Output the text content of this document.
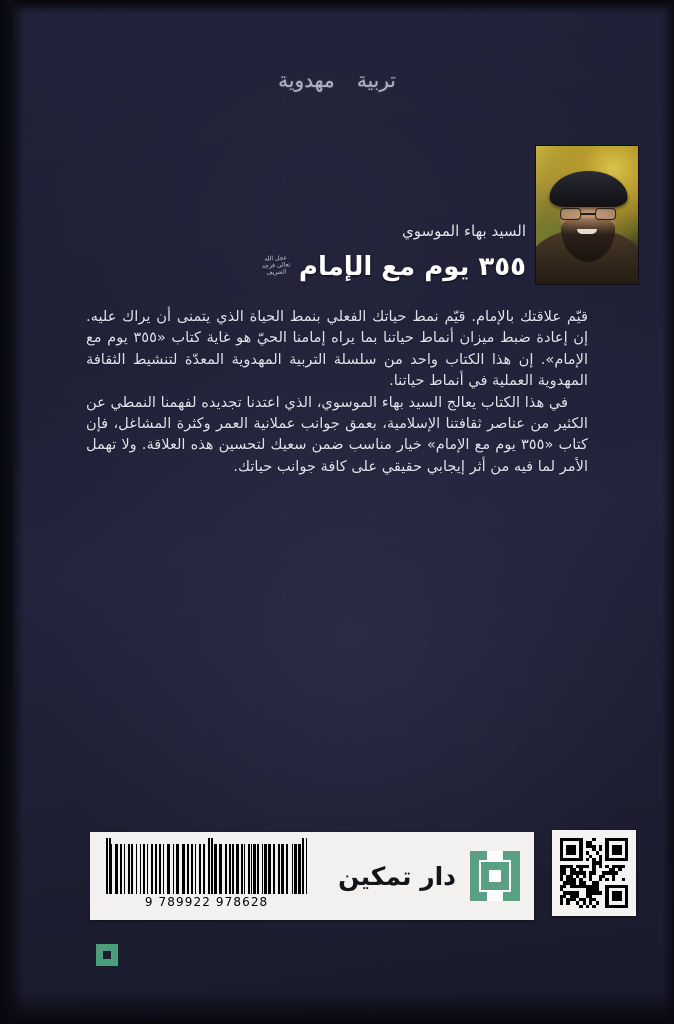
تربية مهدوية
السيد بهاء الموسوي
٣٥٥ يوم مع الإمام
عجل الله تعالى فرجه الشريف

قيّم علاقتك بالإمام. قيّم نمط حياتك الفعلي بنمط الحياة الذي يتمنى أن يراك عليه. إن إعادة ضبط ميزان أنماط حياتنا بما يراه إمامنا الحيّ هو غاية كتاب «٣٥٥ يوم مع الإمام». إن هذا الكتاب واحد من سلسلة التربية المهدوية المعدّة لتنشيط الثقافة المهدوية العملية في أنماط حياتنا.

في هذا الكتاب يعالج السيد بهاء الموسوي، الذي اعتدنا تجديده لفهمنا النمطي عن الكثير من عناصر ثقافتنا الإسلامية، بعمق جوانب عملانية العمر وكثرة المشاغل، فإن كتاب «٣٥٥ يوم مع الإمام» خيار مناسب ضمن سعيك لتحسين هذه العلاقة. ولا تهمل الأمر لما فيه من أثر إيجابي حقيقي على كافة جوانب حياتك.

دار تمكين
9 789922 978628
